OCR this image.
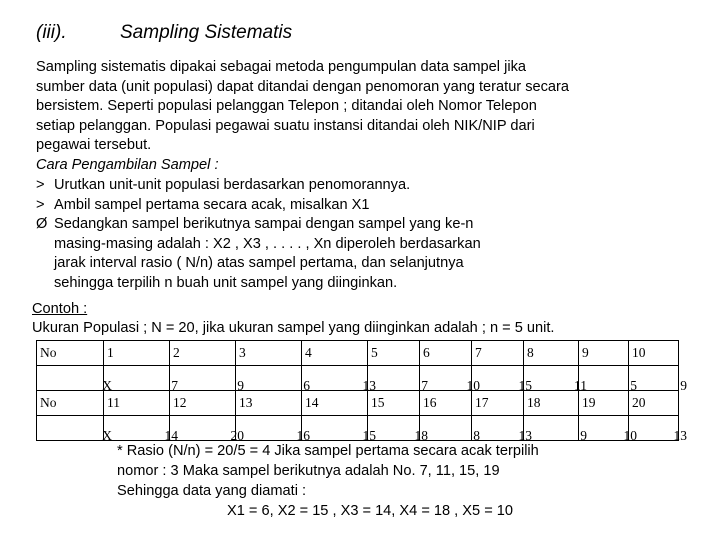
(iii).	Sampling Sistematis
Sampling sistematis dipakai sebagai metoda pengumpulan data sampel jika
sumber data (unit populasi) dapat ditandai dengan penomoran yang teratur secara
bersistem. Seperti populasi pelanggan Telepon ; ditandai oleh Nomor Telepon
setiap pelanggan. Populasi pegawai suatu instansi ditandai oleh NIK/NIP dari
pegawai tersebut.
Cara Pengambilan Sampel :
> Urutkan unit-unit populasi berdasarkan penomorannya.
> Ambil sampel pertama secara acak, misalkan X1
Ø Sedangkan sampel berikutnya sampai dengan sampel yang ke-n
masing-masing adalah : X2 , X3 , . . . . , Xn diperoleh berdasarkan
jarak interval rasio ( N/n) atas sampel pertama, dan selanjutnya
sehingga terpilih n buah unit sampel yang diinginkan.
Contoh :
Ukuran Populasi ; N = 20, jika ukuran sampel yang diinginkan adalah ; n = 5 unit.
No	1	2	3	4	5	6	7	8	9	10

X	7	9	6	13	7	10	15	11	5	9

No	11	12	13	14	15	16	17	18	19	20

X	14	20	16	15	18	8	13	9	10	13
* Rasio (N/n) = 20/5 = 4 Jika sampel pertama secara acak terpilih
nomor : 3 Maka sampel berikutnya adalah No. 7, 11, 15, 19
Sehingga data yang diamati :
X1 = 6, X2 = 15 , X3 = 14, X4 = 18 , X5 = 10
